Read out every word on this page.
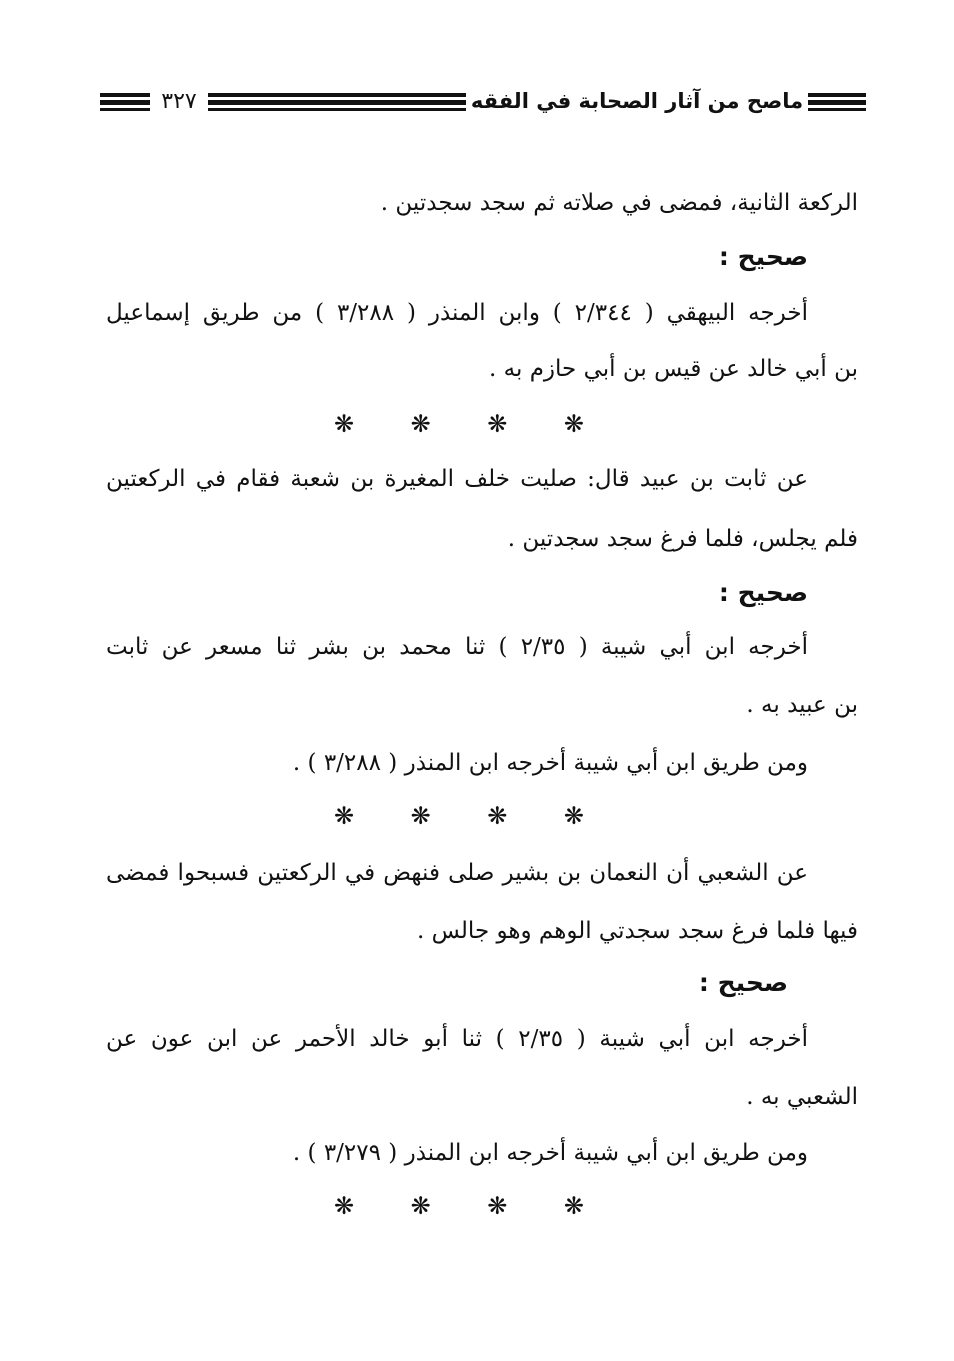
٣٢٧	ماصح من آثار الصحابة في الفقه
الركعة الثانية، فمضى في صلاته ثم سجد سجدتين .
صحيح :
أخرجه البيهقي ( ٢/٣٤٤ ) وابن المنذر ( ٣/٢٨٨ ) من طريق إسماعيل
بن أبي خالد عن قيس بن أبي حازم به .
❋ ❋ ❋ ❋
عن ثابت بن عبيد قال: صليت خلف المغيرة بن شعبة فقام في الركعتين
فلم يجلس، فلما فرغ سجد سجدتين .
صحيح :
أخرجه ابن أبي شيبة ( ٢/٣٥ ) ثنا محمد بن بشر ثنا مسعر عن ثابت
بن عبيد به .
ومن طريق ابن أبي شيبة أخرجه ابن المنذر ( ٣/٢٨٨ ) .
❋ ❋ ❋ ❋
عن الشعبي أن النعمان بن بشير صلى فنهض في الركعتين فسبحوا فمضى
فيها فلما فرغ سجد سجدتي الوهم وهو جالس .
صحيح :
أخرجه ابن أبي شيبة ( ٢/٣٥ ) ثنا أبو خالد الأحمر عن ابن عون عن
الشعبي به .
ومن طريق ابن أبي شيبة أخرجه ابن المنذر ( ٣/٢٧٩ ) .
❋ ❋ ❋ ❋
